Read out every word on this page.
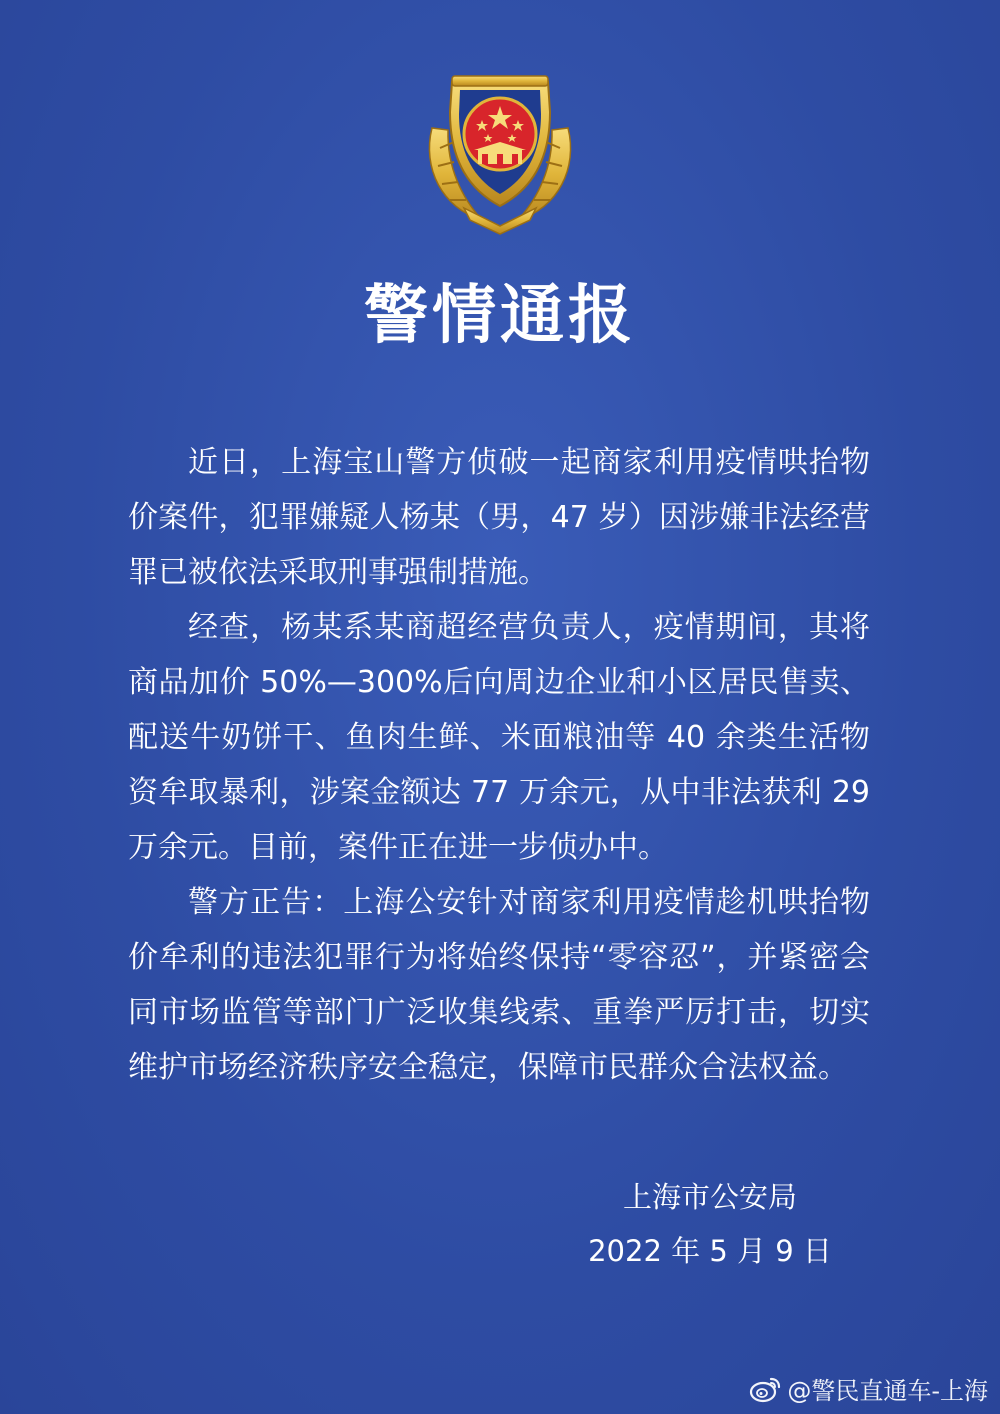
警情通报

近日，上海宝山警方侦破一起商家利用疫情哄抬物价案件，犯罪嫌疑人杨某（男，47 岁）因涉嫌非法经营罪已被依法采取刑事强制措施。

经查，杨某系某商超经营负责人，疫情期间，其将商品加价 50%—300%后向周边企业和小区居民售卖、配送牛奶饼干、鱼肉生鲜、米面粮油等 40 余类生活物资牟取暴利，涉案金额达 77 万余元，从中非法获利 29 万余元。目前，案件正在进一步侦办中。

警方正告：上海公安针对商家利用疫情趁机哄抬物价牟利的违法犯罪行为将始终保持“零容忍”，并紧密会同市场监管等部门广泛收集线索、重拳严厉打击，切实维护市场经济秩序安全稳定，保障市民群众合法权益。

上海市公安局
2022 年 5 月 9 日
@警民直通车-上海
